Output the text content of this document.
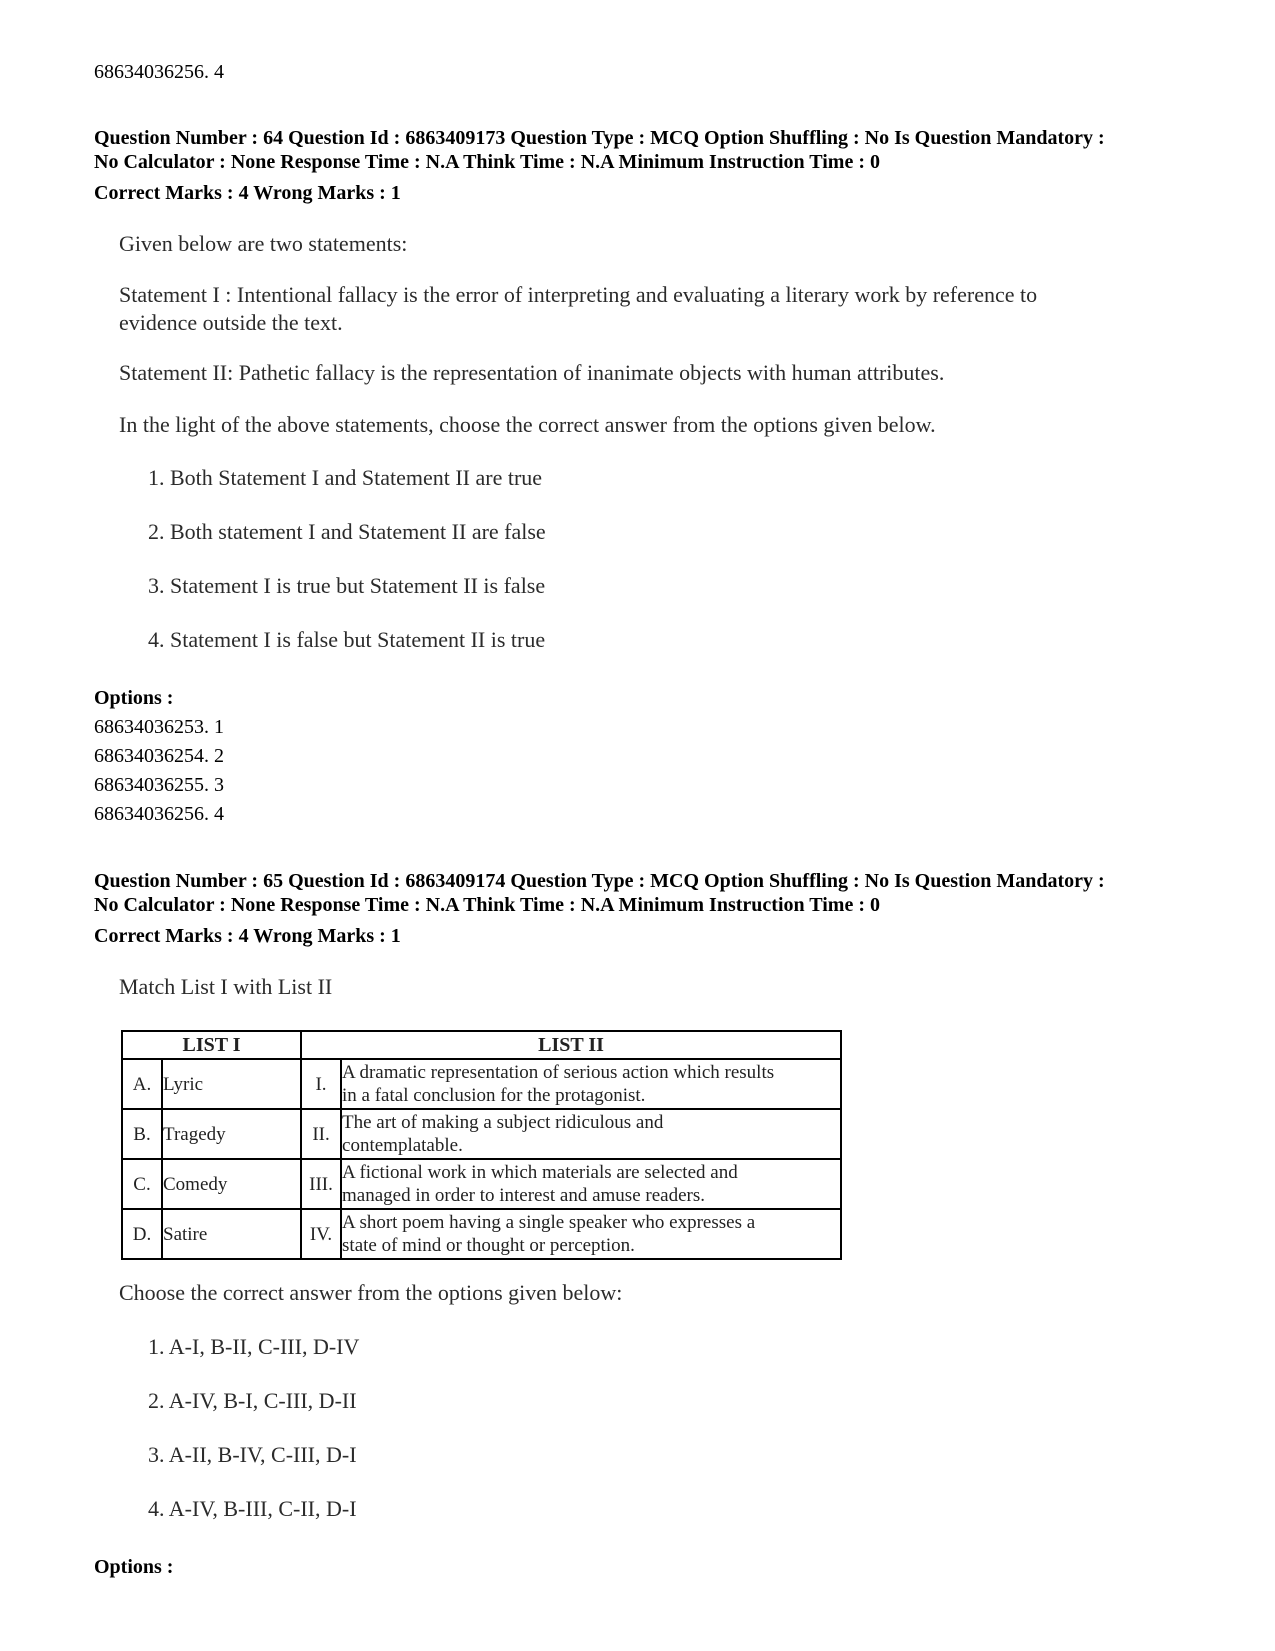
68634036256. 4
Question Number : 64 Question Id : 6863409173 Question Type : MCQ Option Shuffling : No Is Question Mandatory :
No Calculator : None Response Time : N.A Think Time : N.A Minimum Instruction Time : 0
Correct Marks : 4 Wrong Marks : 1
Given below are two statements:
Statement I : Intentional fallacy is the error of interpreting and evaluating a literary work by reference to
evidence outside the text.
Statement II: Pathetic fallacy is the representation of inanimate objects with human attributes.
In the light of the above statements, choose the correct answer from the options given below.
1. Both Statement I and Statement II are true
2. Both statement I and Statement II are false
3. Statement I is true but Statement II is false
4. Statement I is false but Statement II is true
Options :
68634036253. 1
68634036254. 2
68634036255. 3
68634036256. 4
Question Number : 65 Question Id : 6863409174 Question Type : MCQ Option Shuffling : No Is Question Mandatory :
No Calculator : None Response Time : N.A Think Time : N.A Minimum Instruction Time : 0
Correct Marks : 4 Wrong Marks : 1
Match List I with List II
LIST I		LIST II	
A.	Lyric	I.	A dramatic representation of serious action which results
in a fatal conclusion for the protagonist.

B.	Tragedy	II.	The art of making a subject ridiculous and
contemplatable.

C.	Comedy	III.	A fictional work in which materials are selected and
managed in order to interest and amuse readers.

D.	Satire	IV.	A short poem having a single speaker who expresses a
state of mind or thought or perception.
Choose the correct answer from the options given below:
1. A-I, B-II, C-III, D-IV
2. A-IV, B-I, C-III, D-II
3. A-II, B-IV, C-III, D-I
4. A-IV, B-III, C-II, D-I
Options :
